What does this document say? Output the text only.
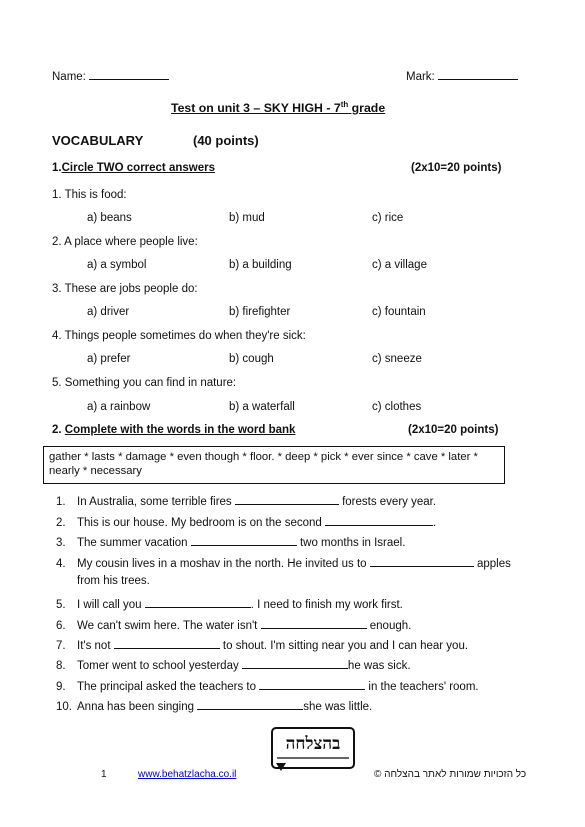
Name:	Mark:
Test on unit 3 – SKY HIGH - 7th grade
VOCABULARY	(40 points)
1.Circle TWO correct answers	(2x10=20 points)
1. This is food:
a) beans	b) mud	c) rice
2. A place where people live:
a) a symbol	b) a building	c) a village
3. These are jobs people do:
a) driver	b) firefighter	c) fountain
4. Things people sometimes do when they're sick:
a) prefer	b) cough	c) sneeze
5. Something you can find in nature:
a) a rainbow	b) a waterfall	c) clothes
2. Complete with the words in the word bank	(2x10=20 points)
gather * lasts * damage * even though * floor. * deep * pick * ever since * cave * later * nearly * necessary
1. In Australia, some terrible fires	forests every year.
2. This is our house. My bedroom is on the second	.
3. The summer vacation	two months in Israel.
4. My cousin lives in a moshav in the north. He invited us to	apples
from his trees.
5. I will call you	. I need to finish my work first.
6. We can't swim here. The water isn't	enough.
7. It's not	to shout. I'm sitting near you and I can hear you.
8. Tomer went to school yesterday	he was sick.
9. The principal asked the teachers to	in the teachers' room.
10. Anna has been singing	she was little.
בהצלחה
1	www.behatzlacha.co.il	כל הזכויות שמורות לאתר בהצלחה ©
